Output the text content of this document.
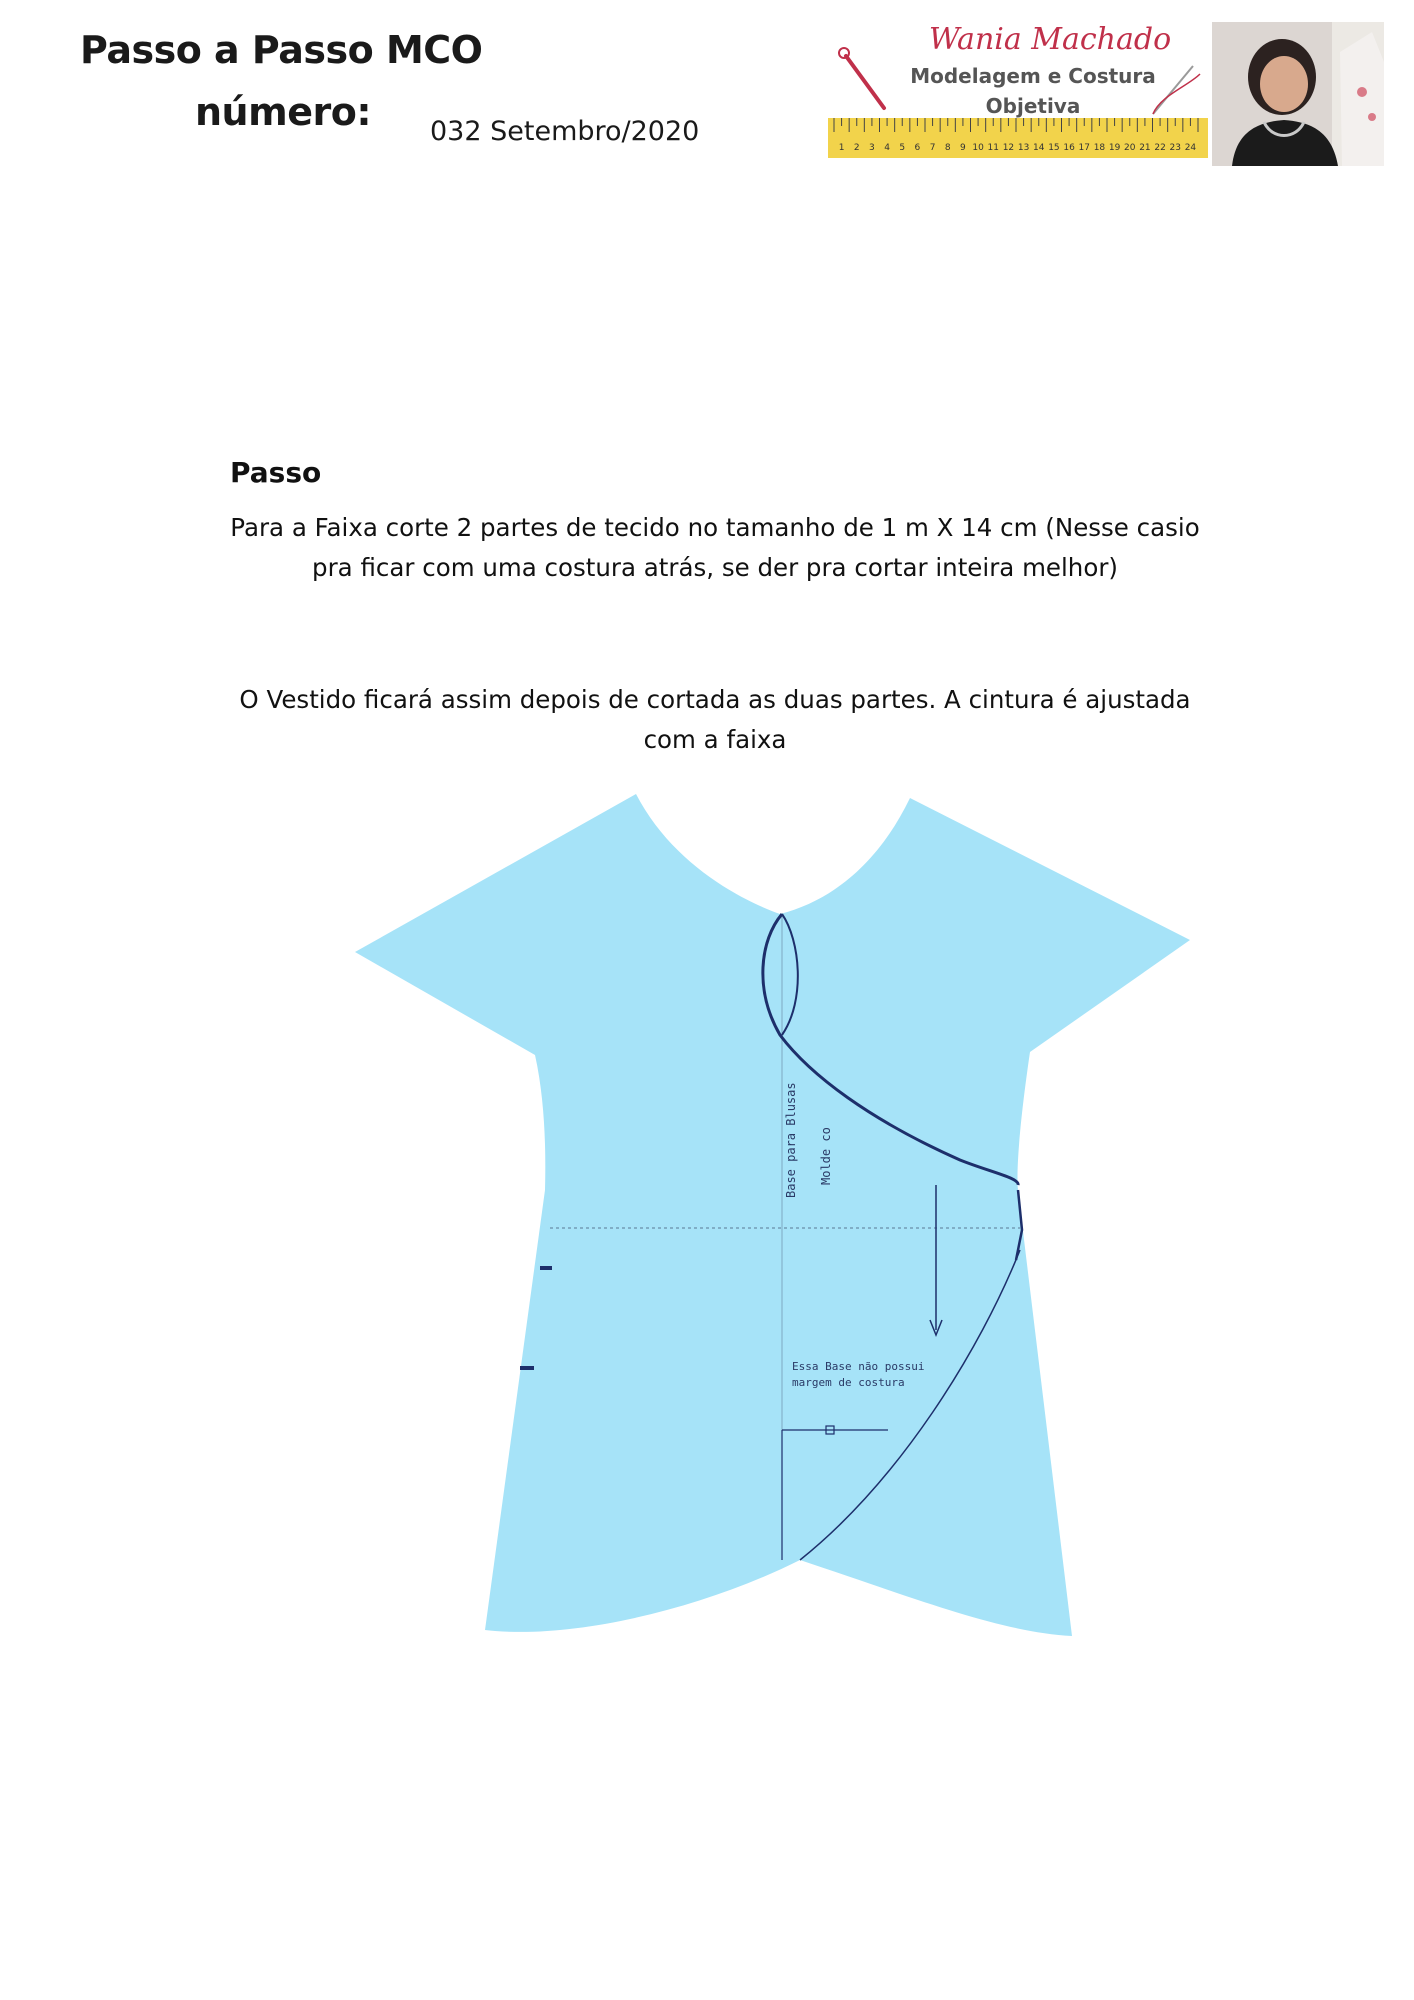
Passo a Passo MCO
número: 032 Setembro/2020
1 2 3 4 5 6 7 8 9 10 11 12 13 14 15 16 17 18 19 20 21 22 23 24
Wania Machado
Modelagem e Costura
Objetiva
Passo
Para a Faixa corte 2 partes de tecido no tamanho de 1 m X 14 cm (Nesse casio pra ficar com uma costura atrás, se der pra cortar inteira melhor)
O Vestido ficará assim depois de cortada as duas partes. A cintura é ajustada com a faixa
Base para Blusas Molde co
Essa Base não possui
margem de costura
